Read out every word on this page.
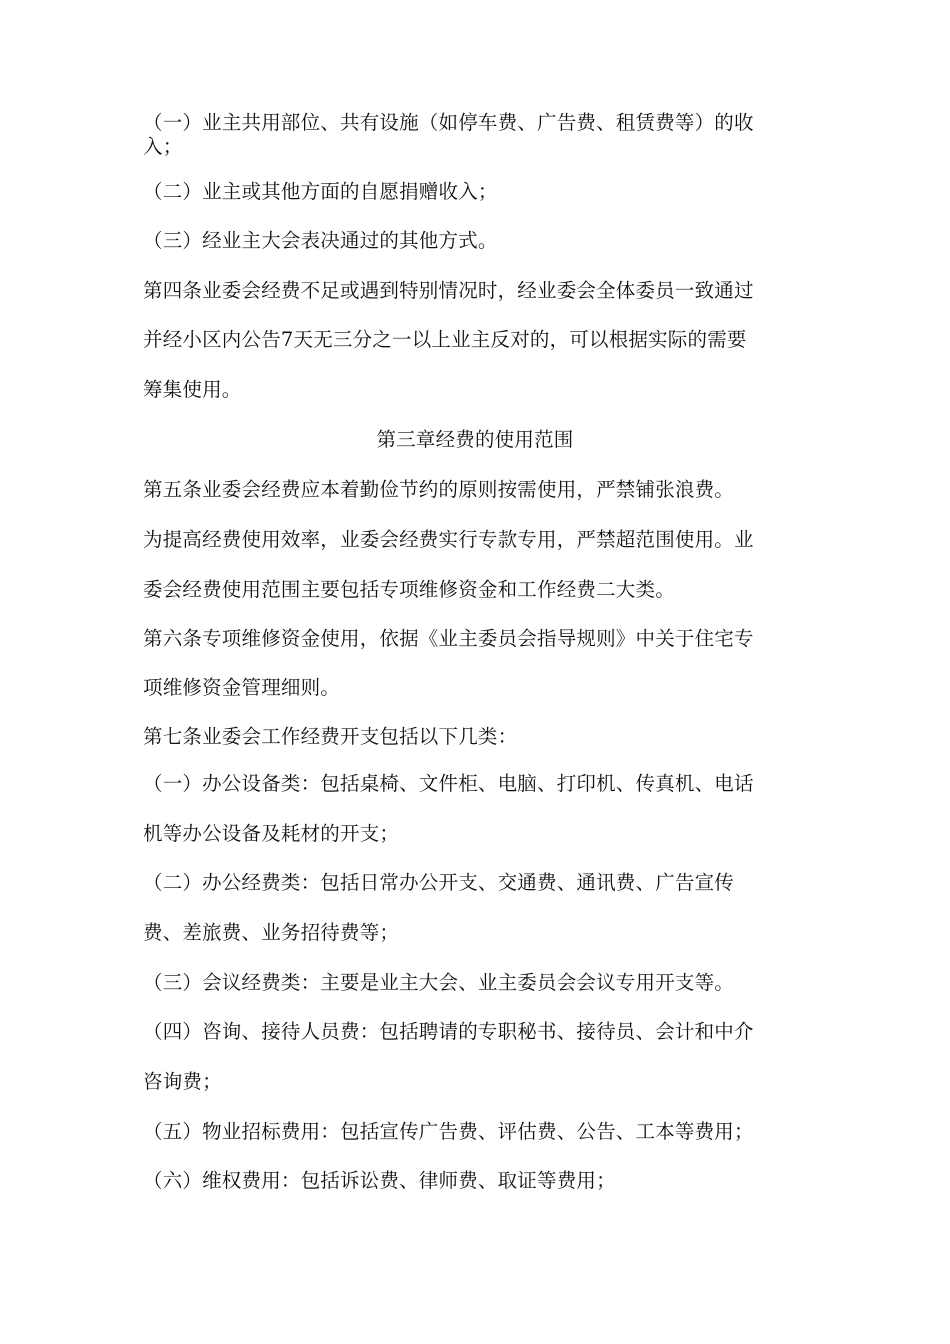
（一）业主共用部位、共有设施（如停车费、广告费、租赁费等）的收
入；
（二）业主或其他方面的自愿捐赠收入；
（三）经业主大会表决通过的其他方式。
第四条业委会经费不足或遇到特别情况时，经业委会全体委员一致通过
并经小区内公告7天无三分之一以上业主反对的，可以根据实际的需要
筹集使用。
第三章经费的使用范围
第五条业委会经费应本着勤俭节约的原则按需使用，严禁铺张浪费。
为提高经费使用效率，业委会经费实行专款专用，严禁超范围使用。业
委会经费使用范围主要包括专项维修资金和工作经费二大类。
第六条专项维修资金使用，依据《业主委员会指导规则》中关于住宅专
项维修资金管理细则。
第七条业委会工作经费开支包括以下几类：
（一）办公设备类：包括桌椅、文件柜、电脑、打印机、传真机、电话
机等办公设备及耗材的开支；
（二）办公经费类：包括日常办公开支、交通费、通讯费、广告宣传
费、差旅费、业务招待费等；
（三）会议经费类：主要是业主大会、业主委员会会议专用开支等。
（四）咨询、接待人员费：包括聘请的专职秘书、接待员、会计和中介
咨询费；
（五）物业招标费用：包括宣传广告费、评估费、公告、工本等费用；
（六）维权费用：包括诉讼费、律师费、取证等费用；
